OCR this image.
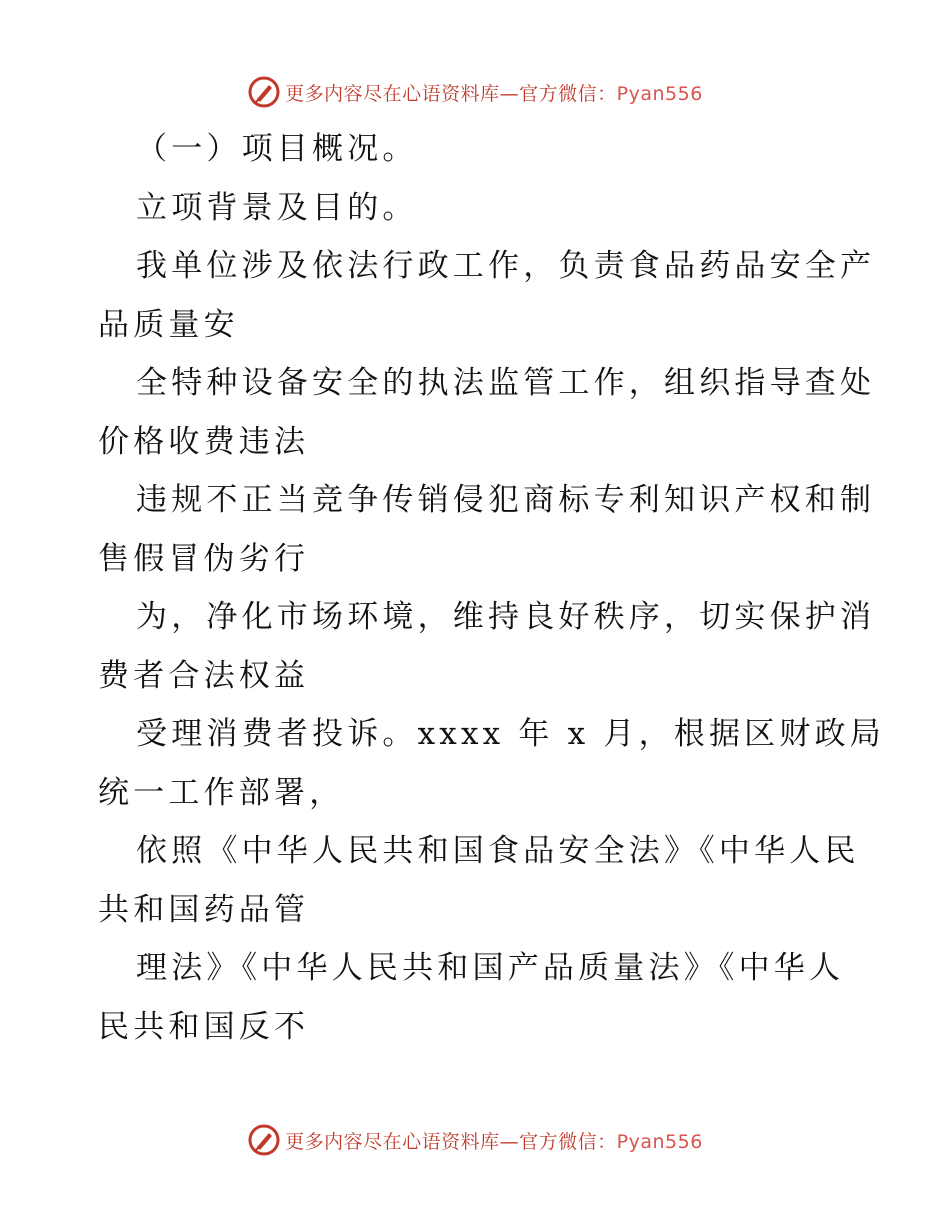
更多内容尽在心语资料库—官方微信：Pyan556
（一）项目概况。
立项背景及目的。
我单位涉及依法行政工作，负责食品药品安全产
品质量安
全特种设备安全的执法监管工作，组织指导查处
价格收费违法
违规不正当竞争传销侵犯商标专利知识产权和制
售假冒伪劣行
为，净化市场环境，维持良好秩序，切实保护消
费者合法权益
受理消费者投诉。xxxx 年 x 月，根据区财政局
统一工作部署，
依照《中华人民共和国食品安全法》《中华人民
共和国药品管
理法》《中华人民共和国产品质量法》《中华人
民共和国反不
更多内容尽在心语资料库—官方微信：Pyan556
